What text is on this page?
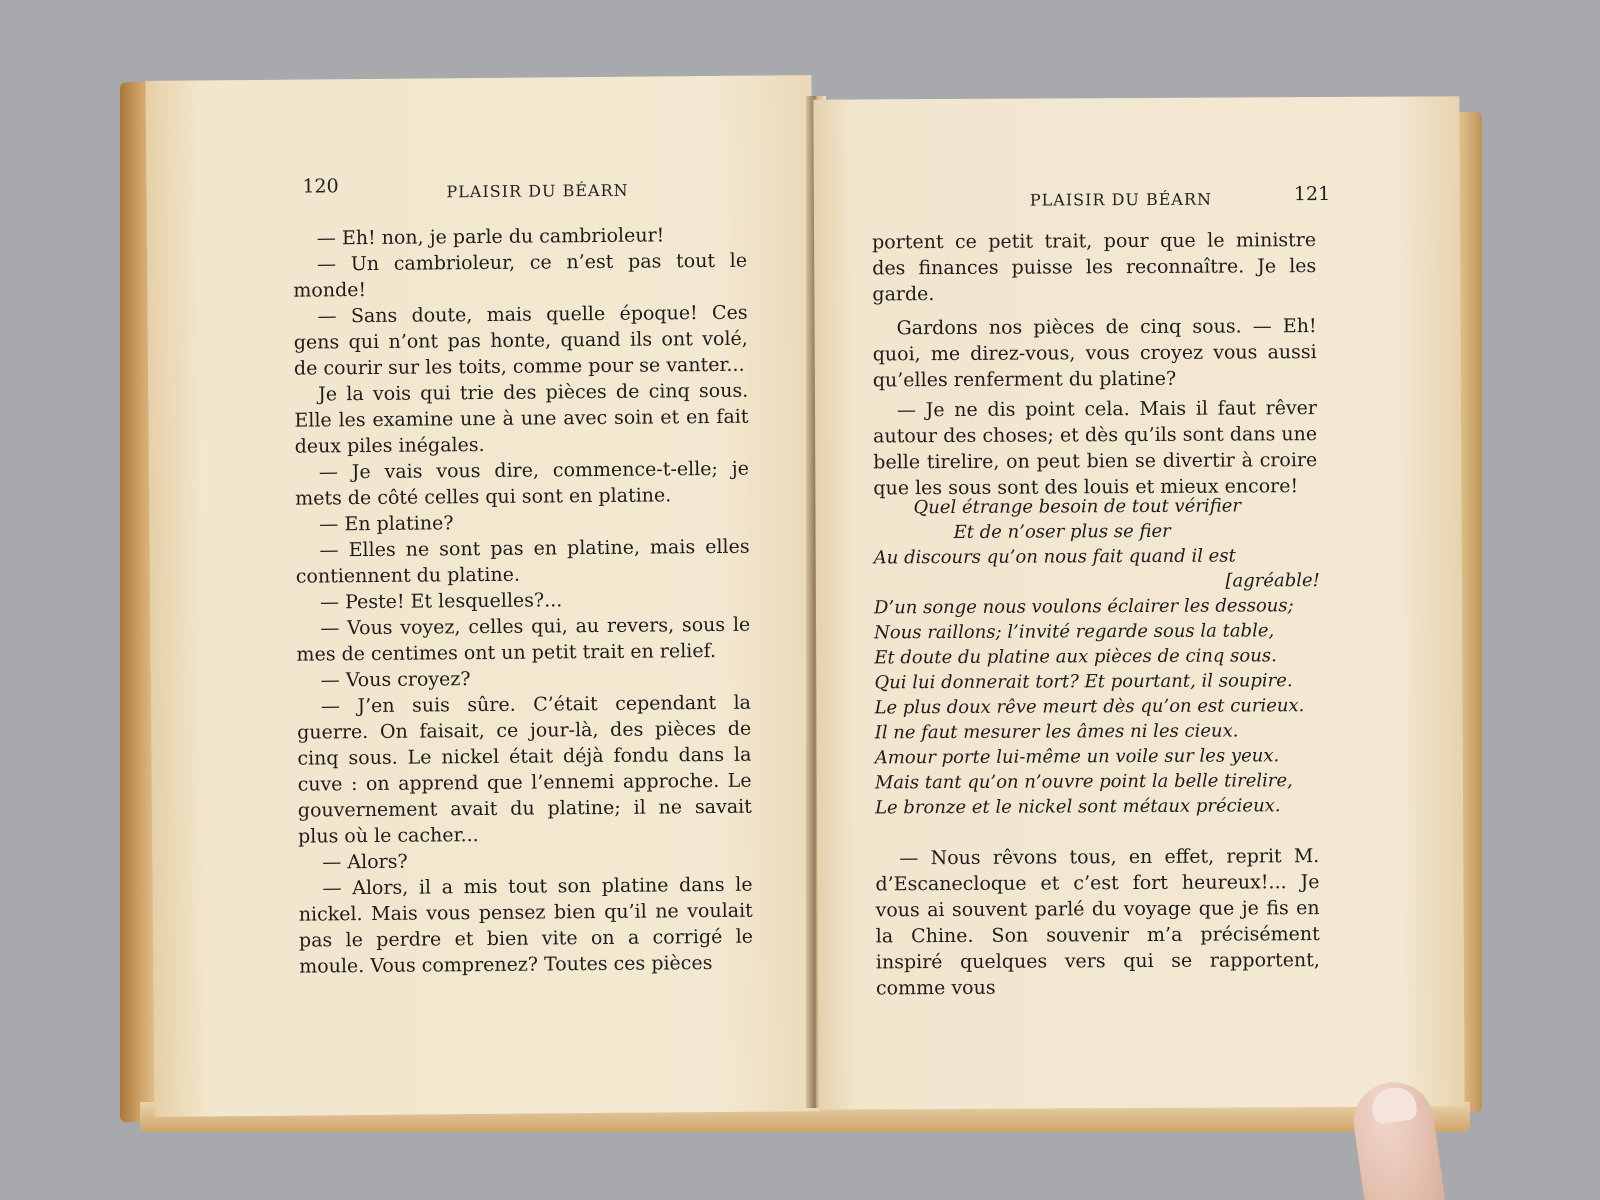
120	PLAISIR DU BÉARN

— Eh! non, je parle du cambrioleur!

— Un cambrioleur, ce n’est pas tout le monde!

— Sans doute, mais quelle époque! Ces gens qui n’ont pas honte, quand ils ont volé, de courir sur les toits, comme pour se vanter...

Je la vois qui trie des pièces de cinq sous. Elle les examine une à une avec soin et en fait deux piles inégales.

— Je vais vous dire, commence-t-elle; je mets de côté celles qui sont en platine.

— En platine?

— Elles ne sont pas en platine, mais elles contiennent du platine.

— Peste! Et lesquelles?...

— Vous voyez, celles qui, au revers, sous le mes de centimes ont un petit trait en relief.

— Vous croyez?

— J’en suis sûre. C’était cependant la guerre. On faisait, ce jour-là, des pièces de cinq sous. Le nickel était déjà fondu dans la cuve : on apprend que l’ennemi approche. Le gouvernement avait du platine; il ne savait plus où le cacher...

— Alors?

— Alors, il a mis tout son platine dans le nickel. Mais vous pensez bien qu’il ne voulait pas le perdre et bien vite on a corrigé le moule. Vous comprenez? Toutes ces pièces

PLAISIR DU BÉARN	121

portent ce petit trait, pour que le ministre des finances puisse les reconnaître. Je les garde.

Gardons nos pièces de cinq sous. — Eh! quoi, me direz-vous, vous croyez vous aussi qu’elles renferment du platine?

— Je ne dis point cela. Mais il faut rêver autour des choses; et dès qu’ils sont dans une belle tirelire, on peut bien se divertir à croire que les sous sont des louis et mieux encore!

Quel étrange besoin de tout vérifier
Et de n’oser plus se fier
Au discours qu’on nous fait quand il est
[agréable!
D’un songe nous voulons éclairer les dessous;
Nous raillons; l’invité regarde sous la table,
Et doute du platine aux pièces de cinq sous.
Qui lui donnerait tort? Et pourtant, il soupire.
Le plus doux rêve meurt dès qu’on est curieux.
Il ne faut mesurer les âmes ni les cieux.
Amour porte lui-même un voile sur les yeux.
Mais tant qu’on n’ouvre point la belle tirelire,
Le bronze et le nickel sont métaux précieux.

— Nous rêvons tous, en effet, reprit M. d’Escanecloque et c’est fort heureux!... Je vous ai souvent parlé du voyage que je fis en la Chine. Son souvenir m’a précisément inspiré quelques vers qui se rapportent, comme vous
